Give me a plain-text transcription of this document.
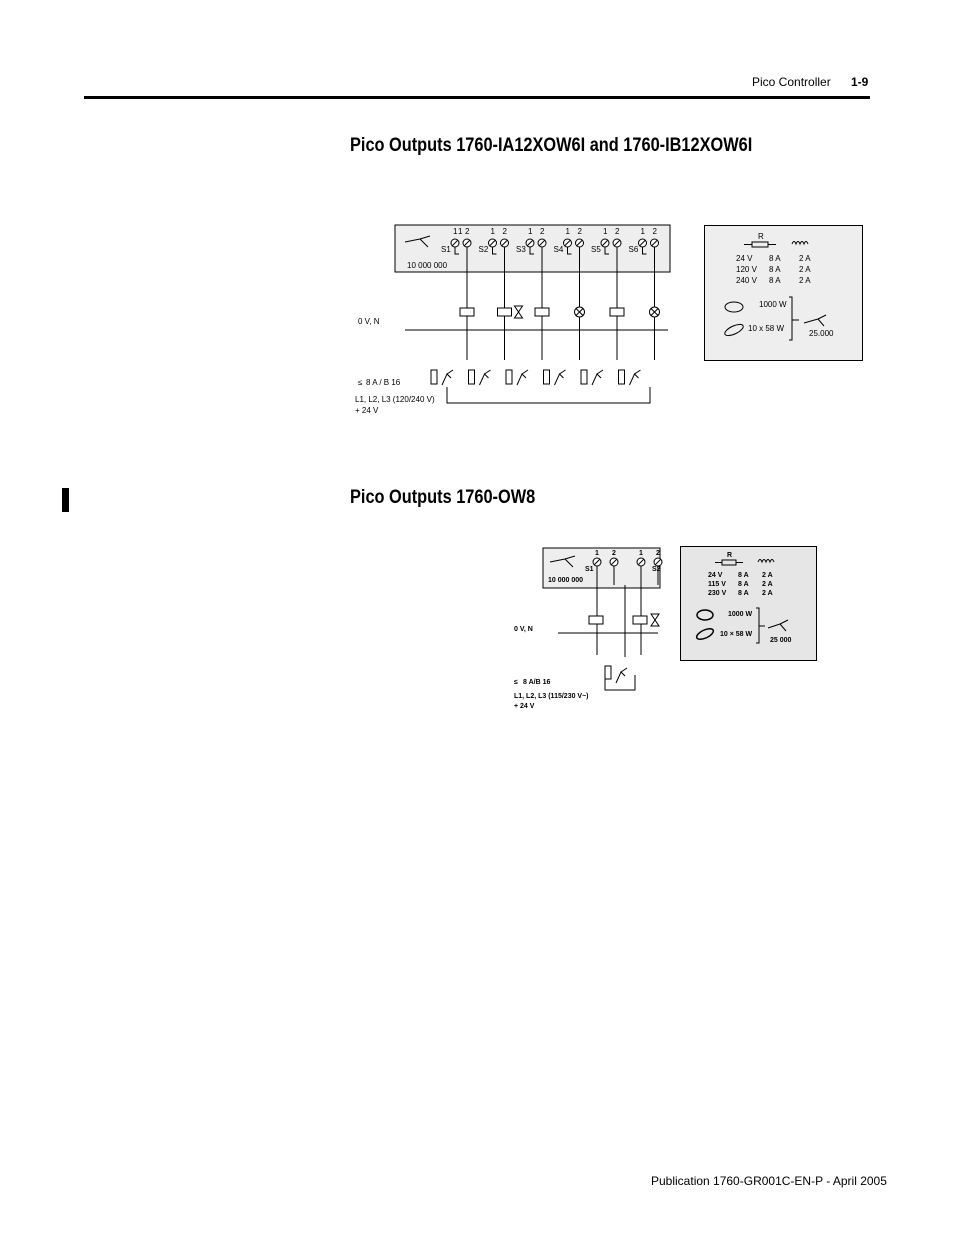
Pico Controller 1-9
Pico Outputs 1760-IA12XOW6I and 1760-IB12XOW6I
1 2
S1
1 2
S2
1 2
S3
1 2
S4
1 2
S5
1 2
S6
1
10 000 000
0 V, N
≤ 8 A / B 16
L1, L2, L3 (120/240 V)
+ 24 V
R
24 V 8 A 2 A
120 V 8 A 2 A
240 V 8 A 2 A
1000 W
10 x 58 W
25.000
Pico Outputs 1760-OW8
1 2
S1
1 2
S2
10 000 000
0 V, N
≤ 8 A/B 16
L1, L2, L3 (115/230 V~)
+ 24 V
R
24 V 8 A 2 A
115 V 8 A 2 A
230 V 8 A 2 A
1000 W
10 × 58 W
25 000
Publication 1760-GR001C-EN-P - April 2005
